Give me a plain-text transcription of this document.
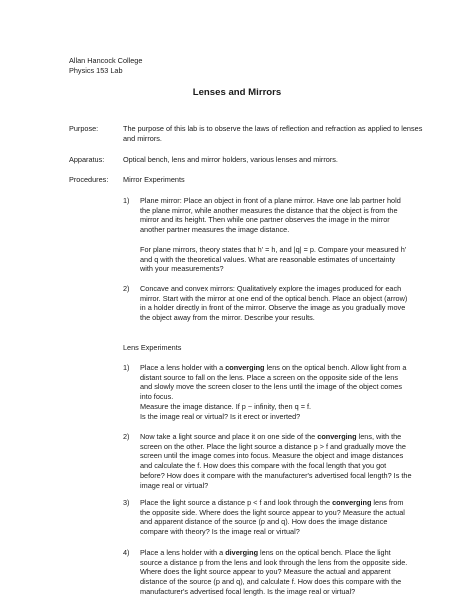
Allan Hancock College
Physics 153 Lab
Lenses and Mirrors
Purpose:	The purpose of this lab is to observe the laws of reflection and refraction as applied to lenses and mirrors.
Apparatus:	Optical bench, lens and mirror holders, various lenses and mirrors.
Procedures:	Mirror Experiments
1) Plane mirror: Place an object in front of a plane mirror. Have one lab partner hold the plane mirror, while another measures the distance that the object is from the mirror and its height. Then while one partner observes the image in the mirror another partner measures the image distance.
For plane mirrors, theory states that h' = h, and |q| = p. Compare your measured h' and q with the theoretical values. What are reasonable estimates of uncertainty with your measurements?
2) Concave and convex mirrors: Qualitatively explore the images produced for each mirror. Start with the mirror at one end of the optical bench. Place an object (arrow) in a holder directly in front of the mirror. Observe the image as you gradually move the object away from the mirror. Describe your results.
Lens Experiments
1) Place a lens holder with a converging lens on the optical bench. Allow light from a distant source to fall on the lens. Place a screen on the opposite side of the lens and slowly move the screen closer to the lens until the image of the object comes into focus.
Measure the image distance. If p ~ infinity, then q = f.
Is the image real or virtual? Is it erect or inverted?
2) Now take a light source and place it on one side of the converging lens, with the screen on the other. Place the light source a distance p > f and gradually move the screen until the image comes into focus. Measure the object and image distances and calculate the f. How does this compare with the focal length that you got before? How does it compare with the manufacturer's advertised focal length? Is the image real or virtual?
3) Place the light source a distance p < f and look through the converging lens from the opposite side. Where does the light source appear to you? Measure the actual and apparent distance of the source (p and q). How does the image distance compare with theory? Is the image real or virtual?
4) Place a lens holder with a diverging lens on the optical bench. Place the light source a distance p from the lens and look through the lens from the opposite side. Where does the light source appear to you? Measure the actual and apparent distance of the source (p and q), and calculate f. How does this compare with the manufacturer's advertised focal length. Is the image real or virtual?
